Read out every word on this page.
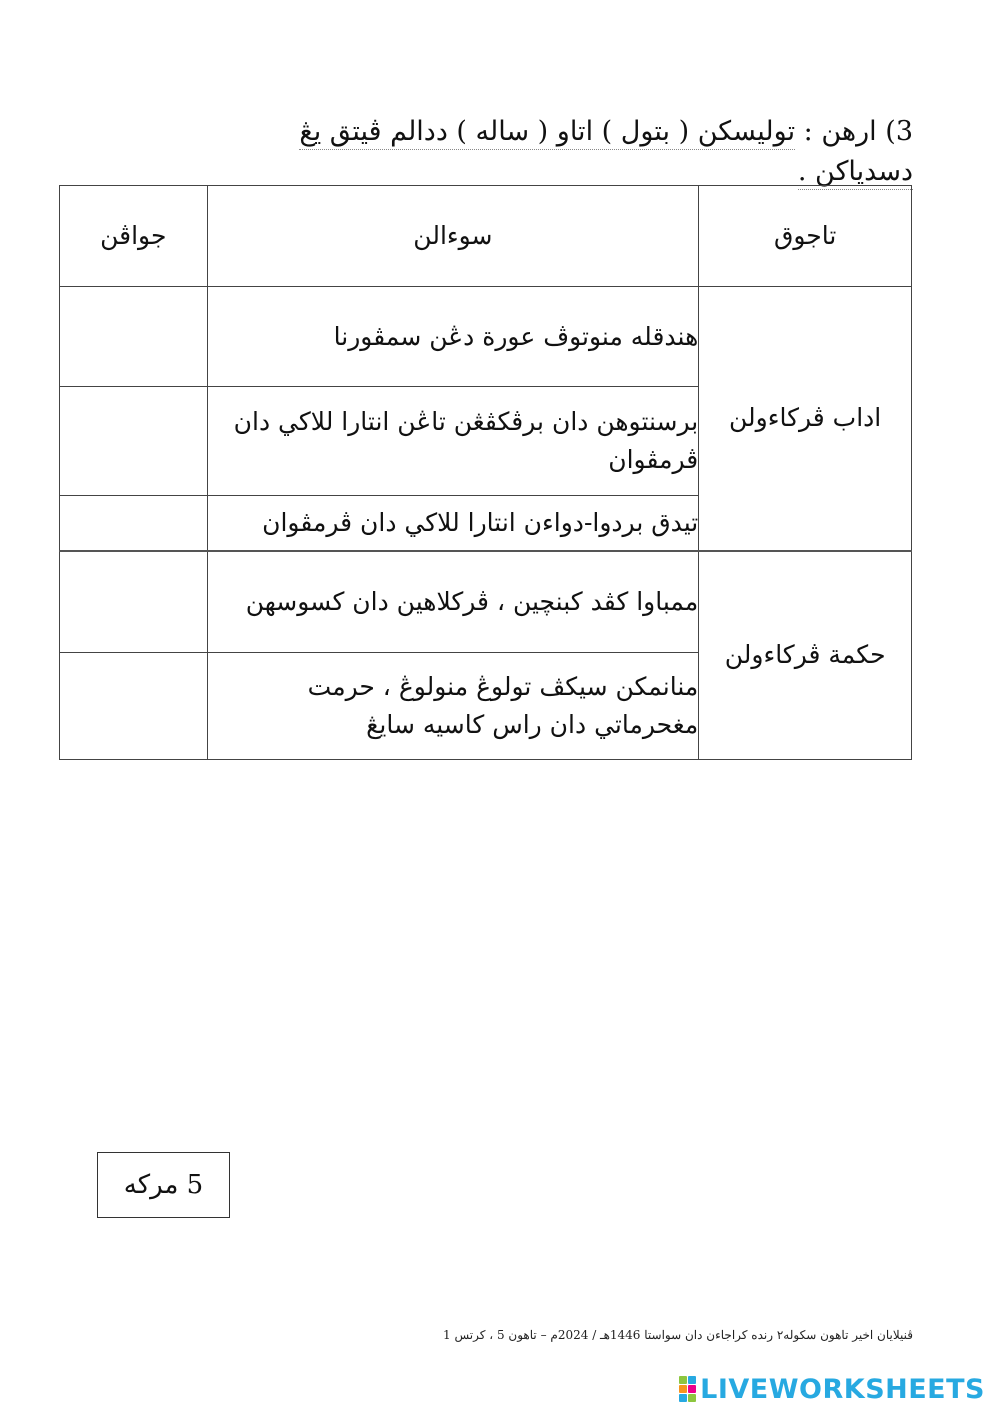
3) ارهن : توليسكن ( بتول ) اتاو ( ساله ) ددالم ڤيتق يڠ دسدياكن .
تاجوق	سوءالن	جواڤن
اداب ڤركاءولن	هندقله منوتوڤ عورة دڠن سمڤورنا	
	برسنتوهن دان برڤكڤڠن تاڠن انتارا للاكي دان ڤرمڤوان	
	تيدق بردوا-دواءن انتارا للاكي دان ڤرمڤوان	
حكمة ڤركاءولن	ممباوا كڤد كبنچين ، ڤركلاهين دان كسوسهن	
	منانمكن سيكڤ تولوڠ منولوڠ ، حرمت مغحرماتي دان راس كاسيه سايڠ	
5 مركه
ڤنيلايان اخير تاهون سكوله٢ رنده كراجاءن دان سواستا 1446هـ / 2024م – تاهون 5 ، كرتس 1
LIVEWORKSHEETS
